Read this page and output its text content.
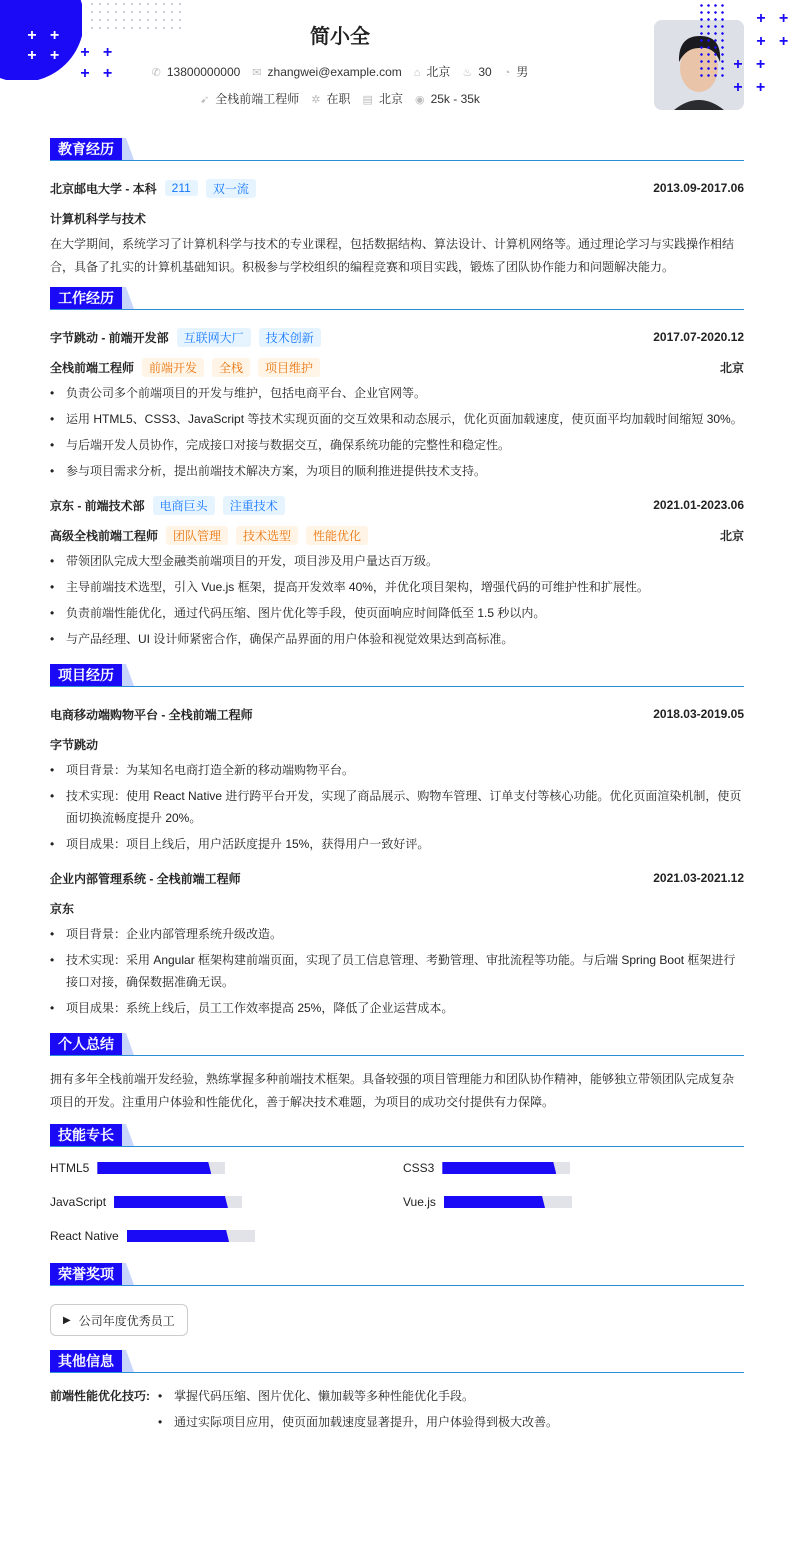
+ +
+ + + +
+ +
+ +
+ +
+ +
+ +
简小全
✆ 13800000000 ✉ zhangwei@example.com ⌂ 北京 ♨ 30 ◔ 男
➹ 全栈前端工程师 ✲ 在职 ▤ 北京 ◉ 25k - 35k
教育经历
北京邮电大学 - 本科	211	双一流	2013.09-2017.06
计算机科学与技术

在大学期间，系统学习了计算机科学与技术的专业课程，包括数据结构、算法设计、计算机网络等。通过理论学习与实践操作相结合，具备了扎实的计算机基础知识。积极参与学校组织的编程竞赛和项目实践，锻炼了团队协作能力和问题解决能力。

工作经历
字节跳动 - 前端开发部	互联网大厂	技术创新	2017.07-2020.12
全栈前端工程师	前端开发	全栈	项目维护	北京
• 负责公司多个前端项目的开发与维护，包括电商平台、企业官网等。
• 运用 HTML5、CSS3、JavaScript 等技术实现页面的交互效果和动态展示，优化页面加载速度，使页面平均加载时间缩短 30%。
• 与后端开发人员协作，完成接口对接与数据交互，确保系统功能的完整性和稳定性。
• 参与项目需求分析，提出前端技术解决方案，为项目的顺利推进提供技术支持。
京东 - 前端技术部	电商巨头	注重技术	2021.01-2023.06
高级全栈前端工程师	团队管理	技术选型	性能优化	北京
• 带领团队完成大型金融类前端项目的开发，项目涉及用户量达百万级。
• 主导前端技术选型，引入 Vue.js 框架，提高开发效率 40%，并优化项目架构，增强代码的可维护性和扩展性。
• 负责前端性能优化，通过代码压缩、图片优化等手段，使页面响应时间降低至 1.5 秒以内。
• 与产品经理、UI 设计师紧密合作，确保产品界面的用户体验和视觉效果达到高标准。
项目经历
电商移动端购物平台 - 全栈前端工程师	2018.03-2019.05
字节跳动
• 项目背景：为某知名电商打造全新的移动端购物平台。
• 技术实现：使用 React Native 进行跨平台开发，实现了商品展示、购物车管理、订单支付等核心功能。优化页面渲染机制，使页面切换流畅度提升 20%。
• 项目成果：项目上线后，用户活跃度提升 15%，获得用户一致好评。
企业内部管理系统 - 全栈前端工程师	2021.03-2021.12
京东
• 项目背景：企业内部管理系统升级改造。
• 技术实现：采用 Angular 框架构建前端页面，实现了员工信息管理、考勤管理、审批流程等功能。与后端 Spring Boot 框架进行接口对接，确保数据准确无误。
• 项目成果：系统上线后，员工工作效率提高 25%，降低了企业运营成本。
个人总结

拥有多年全栈前端开发经验，熟练掌握多种前端技术框架。具备较强的项目管理能力和团队协作精神，能够独立带领团队完成复杂项目的开发。注重用户体验和性能优化，善于解决技术难题，为项目的成功交付提供有力保障。

技能专长
HTML5	CSS3
JavaScript	Vue.js
React Native
荣誉奖项
▶ 公司年度优秀员工
其他信息
前端性能优化技巧:	• 掌握代码压缩、图片优化、懒加载等多种性能优化手段。
• 通过实际项目应用，使页面加载速度显著提升，用户体验得到极大改善。
